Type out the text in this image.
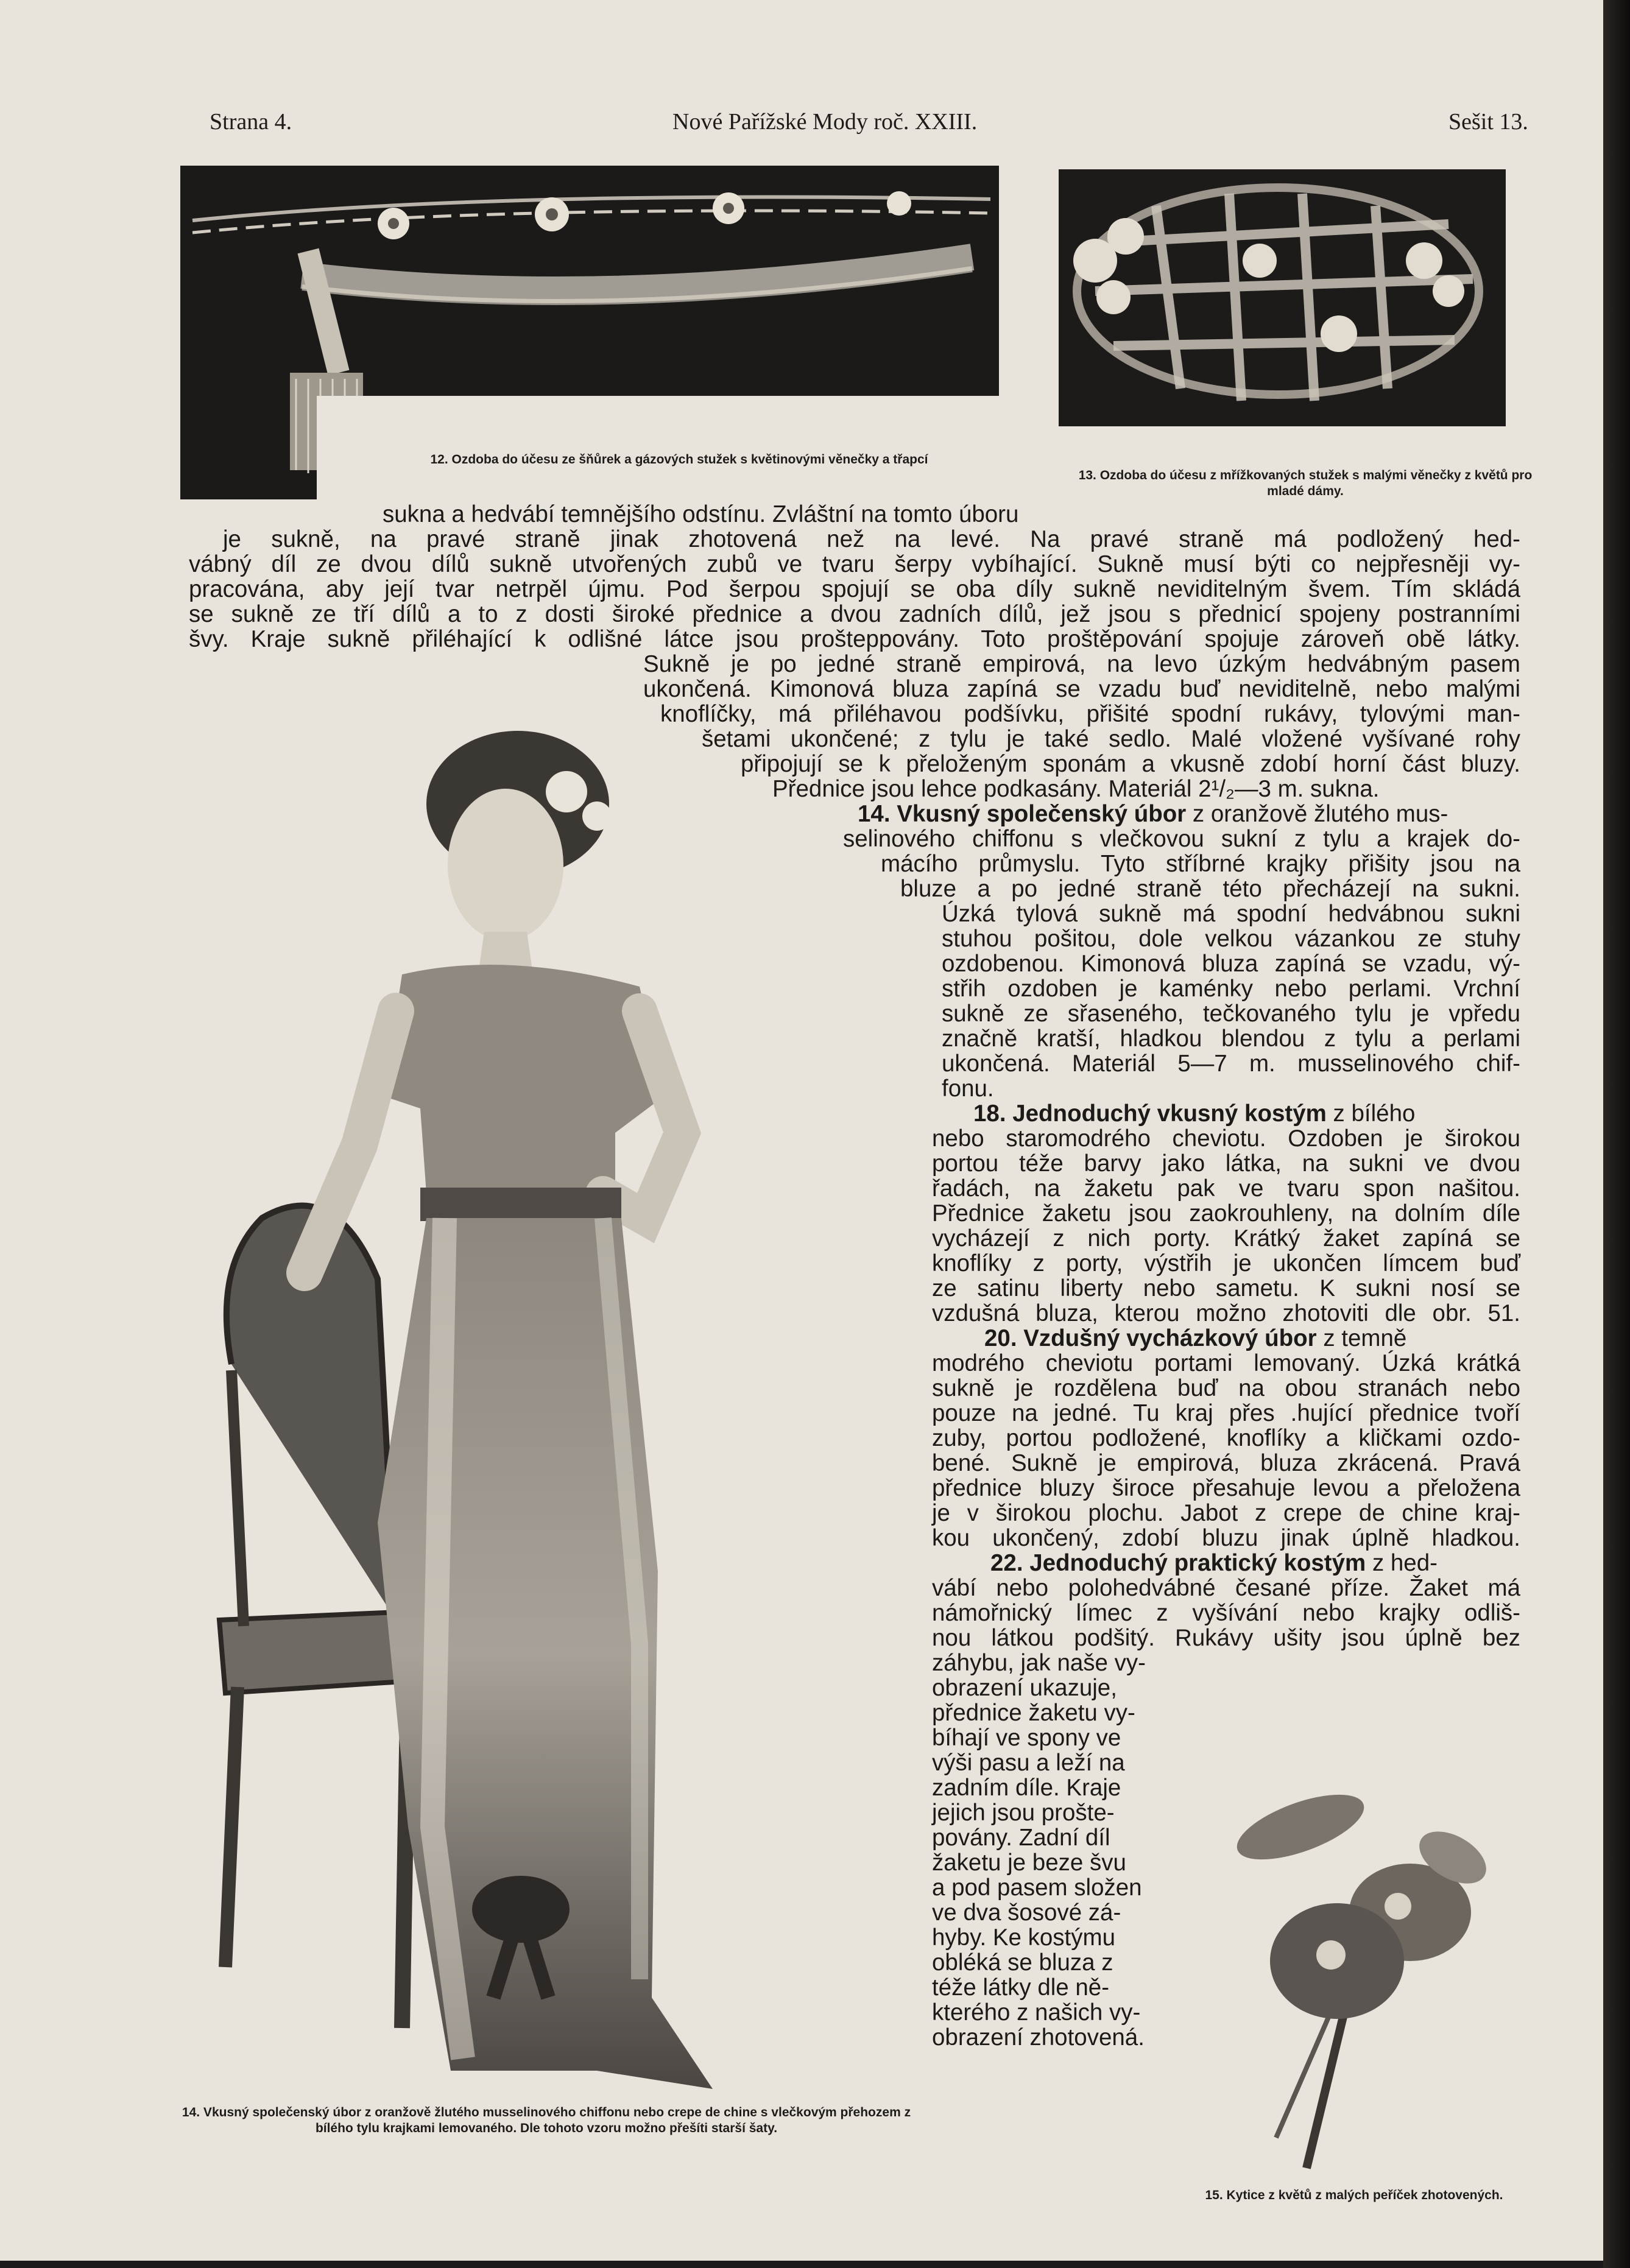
Strana 4.	Nové Pařížské Mody roč. XXIII.	Sešit 13.
12. Ozdoba do účesu ze šňůrek a gázových stužek s květinovými věnečky a třapcí
13. Ozdoba do účesu z mřížkovaných stužek s malými věnečky z květů pro mladé dámy.
14. Vkusný společenský úbor z oranžově žlutého musselinového chiffonu nebo crepe de chine s vlečkovým přehozem z bílého tylu krajkami lemovaného. Dle tohoto vzoru možno přešíti starší šaty.
15. Kytice z květů z malých peříček zhotovených.
sukna a hedvábí temnějšího odstínu. Zvláštní na tomto úboru
je sukně, na pravé straně jinak zhotovená než na levé. Na pravé straně má podložený hed-
vábný díl ze dvou dílů sukně utvořených zubů ve tvaru šerpy vybíhající. Sukně musí býti co nejpřesněji vy-
pracována, aby její tvar netrpěl újmu. Pod šerpou spojují se oba díly sukně neviditelným švem. Tím skládá
se sukně ze tří dílů a to z dosti široké přednice a dvou zadních dílů, jež jsou s přednicí spojeny postranními
švy. Kraje sukně přiléhající k odlišné látce jsou prošteppovány. Toto proštěpování spojuje zároveň obě látky.
Sukně je po jedné straně empirová, na levo úzkým hedvábným pasem
ukončená. Kimonová bluza zapíná se vzadu buď neviditelně, nebo malými
knoflíčky, má přiléhavou podšívku, přišité spodní rukávy, tylovými man-
šetami ukončené; z tylu je také sedlo. Malé vložené vyšívané rohy
připojují se k přeloženým sponám a vkusně zdobí horní část bluzy.
Přednice jsou lehce podkasány. Materiál 2¹/₂—3 m. sukna.
14. Vkusný společenský úbor z oranžově žlutého mus-
selinového chiffonu s vlečkovou sukní z tylu a krajek do-
mácího průmyslu. Tyto stříbrné krajky přišity jsou na
bluze a po jedné straně této přecházejí na sukni.
Úzká tylová sukně má spodní hedvábnou sukni
stuhou pošitou, dole velkou vázankou ze stuhy
ozdobenou. Kimonová bluza zapíná se vzadu, vý-
střih ozdoben je kaménky nebo perlami. Vrchní
sukně ze sřaseného, tečkovaného tylu je vpředu
značně kratší, hladkou blendou z tylu a perlami
ukončená. Materiál 5—7 m. musselinového chif-
fonu.
18. Jednoduchý vkusný kostým z bílého
nebo staromodrého cheviotu. Ozdoben je širokou
portou téže barvy jako látka, na sukni ve dvou
řadách, na žaketu pak ve tvaru spon našitou.
Přednice žaketu jsou zaokrouhleny, na dolním díle
vycházejí z nich porty. Krátký žaket zapíná se
knoflíky z porty, výstřih je ukončen límcem buď
ze satinu liberty nebo sametu. K sukni nosí se
vzdušná bluza, kterou možno zhotoviti dle obr. 51.
20. Vzdušný vycházkový úbor z temně
modrého cheviotu portami lemovaný. Úzká krátká
sukně je rozdělena buď na obou stranách nebo
pouze na jedné. Tu kraj přes .hující přednice tvoří
zuby, portou podložené, knoflíky a kličkami ozdo-
bené. Sukně je empirová, bluza zkrácená. Pravá
přednice bluzy široce přesahuje levou a přeložena
je v širokou plochu. Jabot z crepe de chine kraj-
kou ukončený, zdobí bluzu jinak úplně hladkou.
22. Jednoduchý praktický kostým z hed-
vábí nebo polohedvábné česané příze. Žaket má
námořnický límec z vyšívání nebo krajky odliš-
nou látkou podšitý. Rukávy ušity jsou úplně bez
záhybu, jak naše vy-
obrazení ukazuje,
přednice žaketu vy-
bíhají ve spony ve
výši pasu a leží na
zadním díle. Kraje
jejich jsou prošte-
povány. Zadní díl
žaketu je beze švu
a pod pasem složen
ve dva šosové zá-
hyby. Ke kostýmu
obléká se bluza z
téže látky dle ně-
kterého z našich vy-
obrazení zhotovená.
